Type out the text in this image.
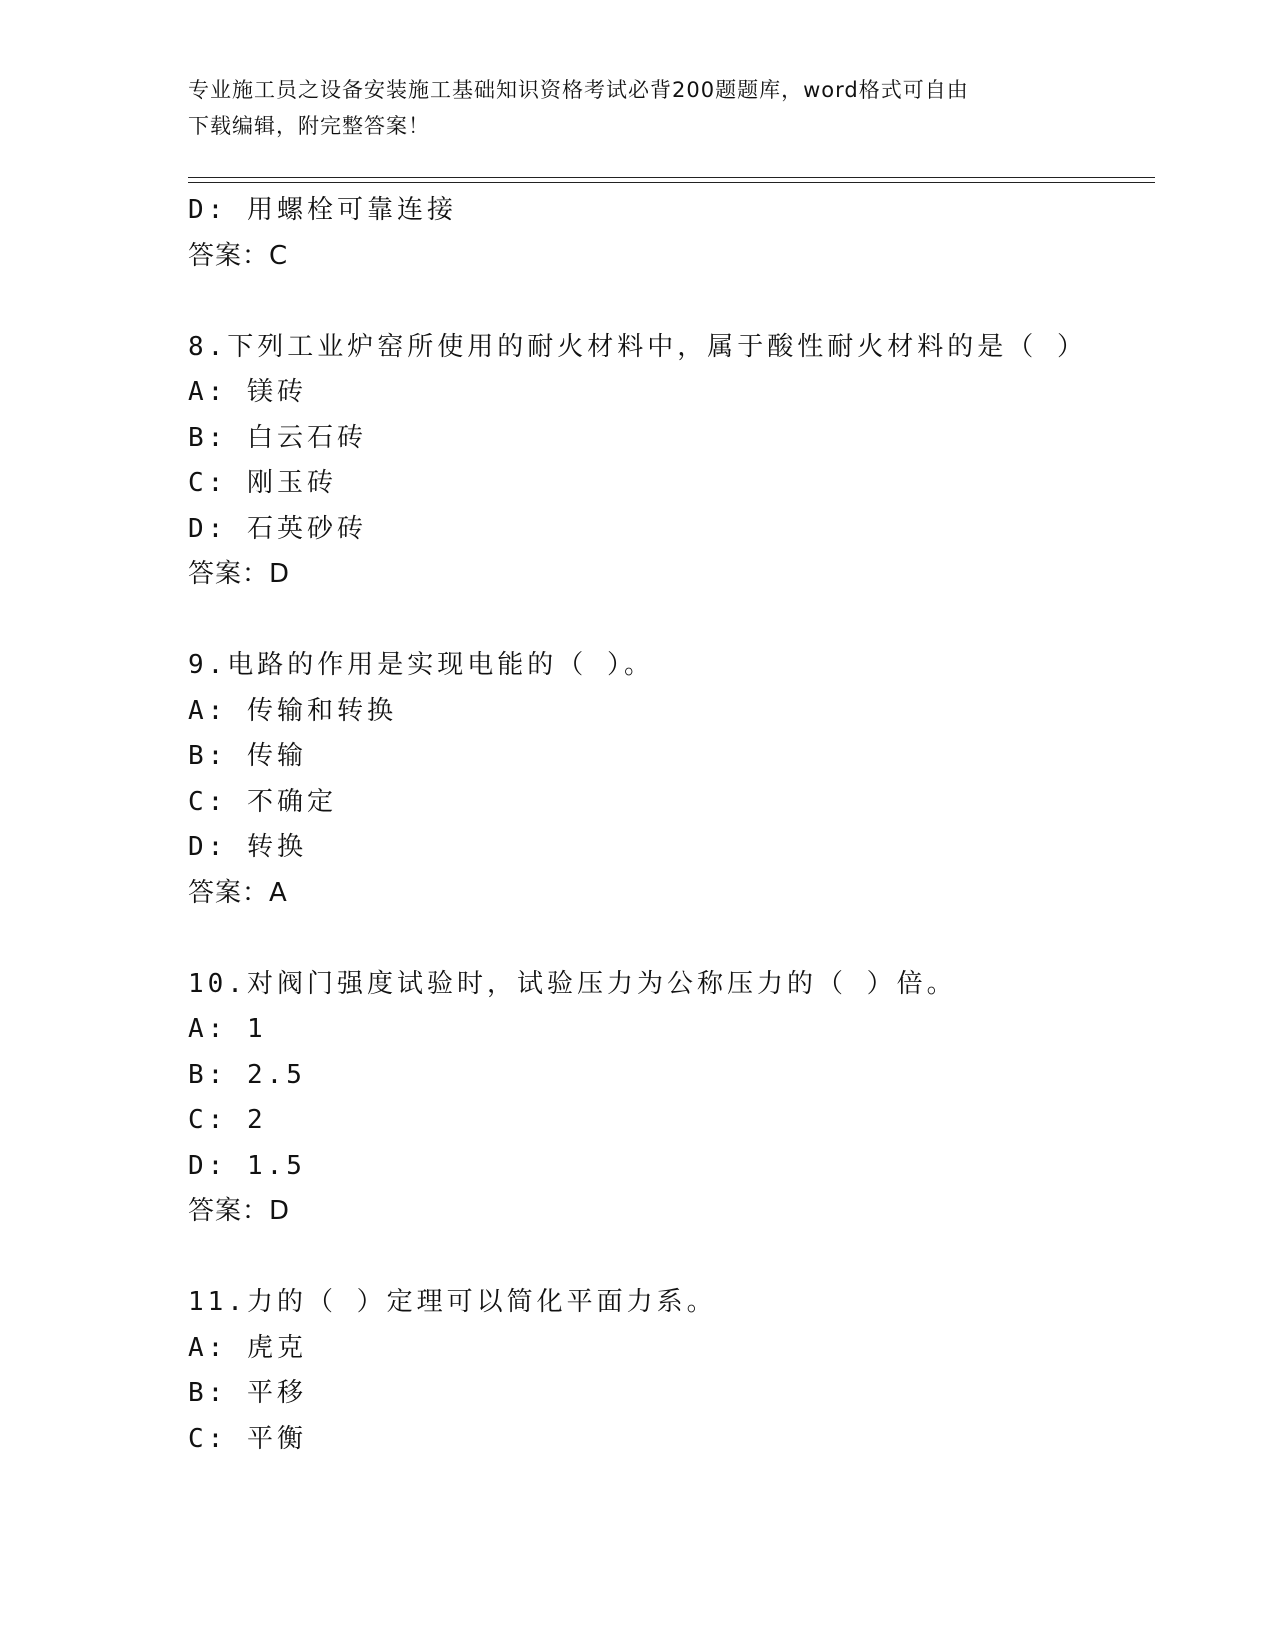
专业施工员之设备安装施工基础知识资格考试必背200题题库，word格式可自由
下载编辑，附完整答案！
D: 用螺栓可靠连接
答案：C
8.下列工业炉窑所使用的耐火材料中，属于酸性耐火材料的是（ ）
A: 镁砖
B: 白云石砖
C: 刚玉砖
D: 石英砂砖
答案：D
9.电路的作用是实现电能的（ ）。
A: 传输和转换
B: 传输
C: 不确定
D: 转换
答案：A
10.对阀门强度试验时，试验压力为公称压力的（ ）倍。
A: 1
B: 2.5
C: 2
D: 1.5
答案：D
11.力的（ ）定理可以简化平面力系。
A: 虎克
B: 平移
C: 平衡
